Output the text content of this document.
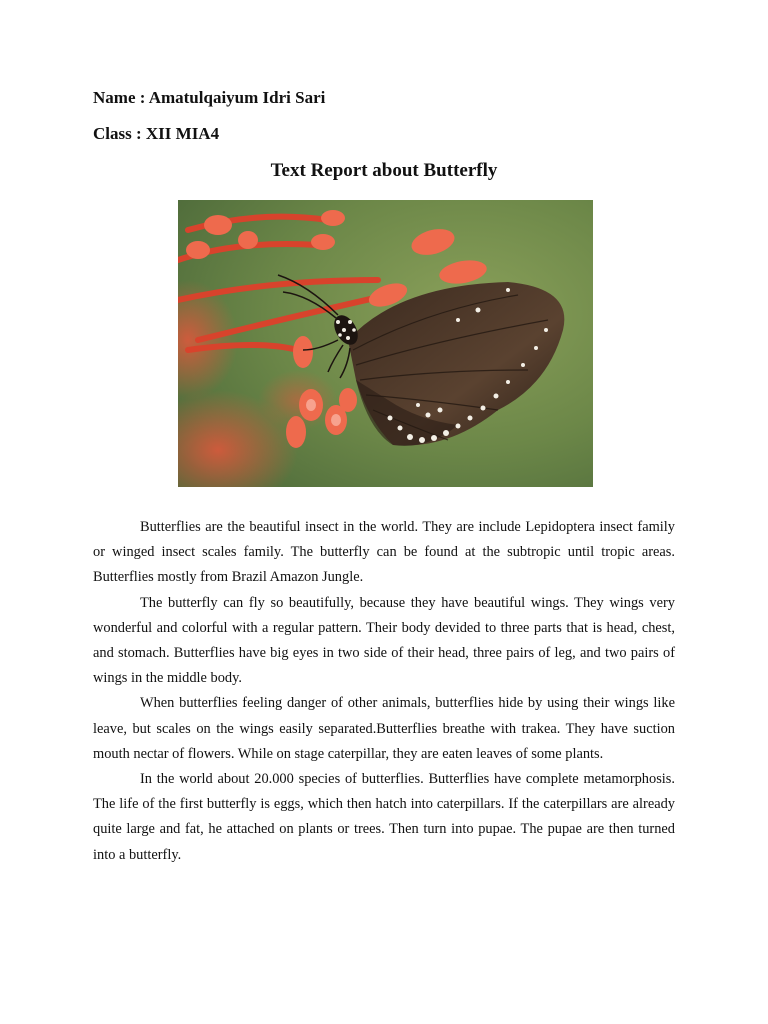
Name : Amatulqaiyum Idri Sari
Class : XII MIA4
Text Report about Butterfly

Butterflies are the beautiful insect in the world. They are include Lepidoptera insect family or winged insect scales family. The butterfly can be found at the subtropic until tropic areas. Butterflies mostly from Brazil Amazon Jungle.

The butterfly can fly so beautifully, because they have beautiful wings. They wings very wonderful and colorful with a regular pattern. Their body devided to three parts that is head, chest, and stomach. Butterflies have big eyes in two side of their head, three pairs of leg, and two pairs of wings in the middle body.

When butterflies feeling danger of other animals, butterflies hide by using their wings like leave, but scales on the wings easily separated.Butterflies breathe with trakea. They have suction mouth nectar of flowers. While on stage caterpillar, they are eaten leaves of some plants.

In the world about 20.000 species of butterflies. Butterflies have complete metamorphosis. The life of the first butterfly is eggs, which then hatch into caterpillars. If the caterpillars are already quite large and fat, he attached on plants or trees. Then turn into pupae. The pupae are then turned into a butterfly.
